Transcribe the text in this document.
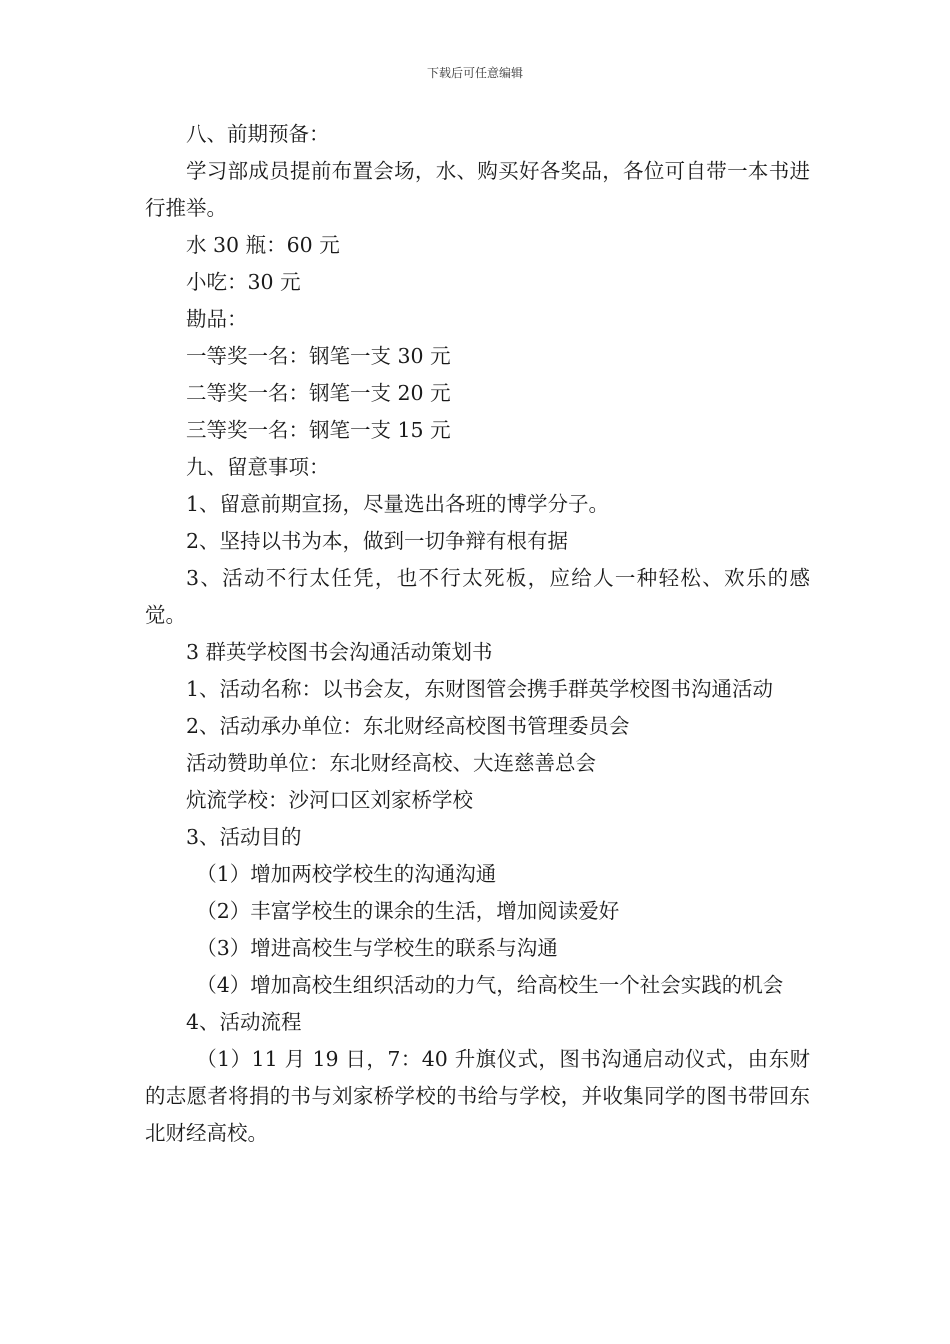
下载后可任意编辑

八、前期预备：

学习部成员提前布置会场，水、购买好各奖品，各位可自带一本书进行推举。

水 30 瓶：60 元

小吃：30 元

勘品：

一等奖一名：钢笔一支 30 元

二等奖一名：钢笔一支 20 元

三等奖一名：钢笔一支 15 元

九、留意事项：

1、留意前期宣扬，尽量选出各班的博学分子。

2、坚持以书为本，做到一切争辩有根有据

3、活动不行太任凭，也不行太死板，应给人一种轻松、欢乐的感觉。

3 群英学校图书会沟通活动策划书

1、活动名称：以书会友，东财图管会携手群英学校图书沟通活动

2、活动承办单位：东北财经高校图书管理委员会

活动赞助单位：东北财经高校、大连慈善总会

炕流学校：沙河口区刘家桥学校

3、活动目的

（1）增加两校学校生的沟通沟通

（2）丰富学校生的课余的生活，增加阅读爱好

（3）增进高校生与学校生的联系与沟通

（4）增加高校生组织活动的力气，给高校生一个社会实践的机会

4、活动流程

（1）11 月 19 日，7：40 升旗仪式，图书沟通启动仪式，由东财的志愿者将捐的书与刘家桥学校的书给与学校，并收集同学的图书带回东北财经高校。
